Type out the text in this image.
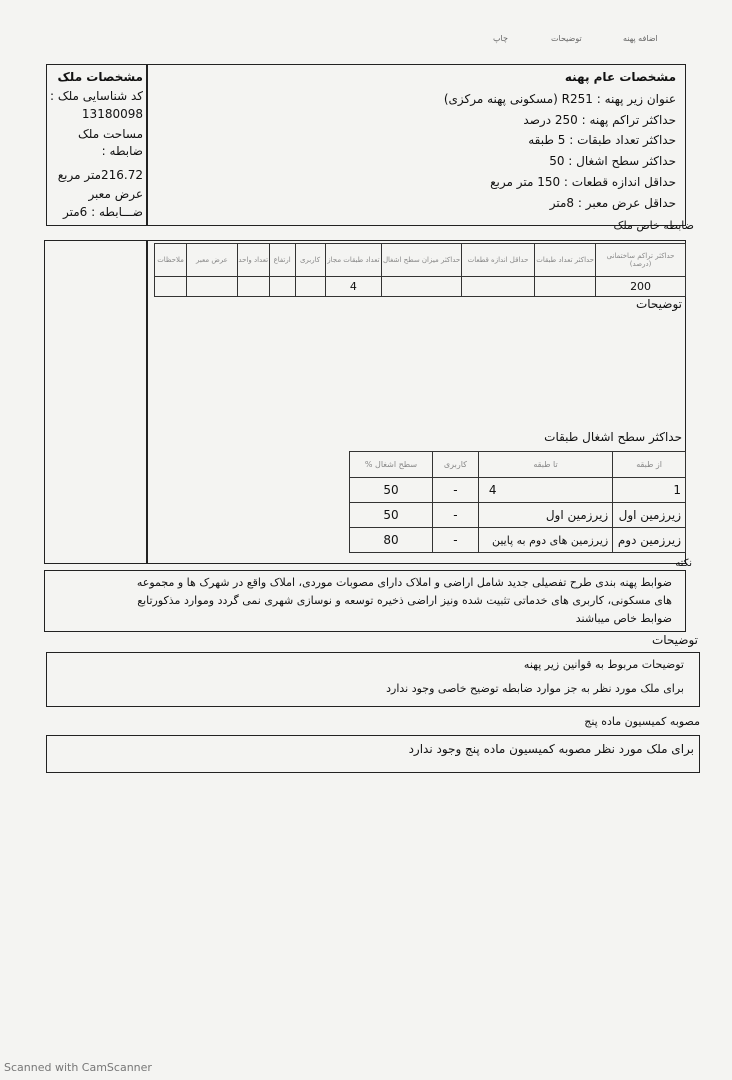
اضافه پهنه
توضیحات
چاپ
مشخصات ملک
کد شناسایی ملک :
13180098
مساحت ملک ضابطه :
216.72متر مربع
عرض معبر
ضـــابطه : 6متر
مشخصات عام پهنه
عنوان زیر پهنه : R251 (مسکونی پهنه مرکزی)
حداکثر تراکم پهنه : 250 درصد
حداکثر تعداد طبقات : 5 طبقه
حداکثر سطح اشغال : 50
حداقل اندازه قطعات : 150 متر مربع
حداقل عرض معبر : 8متر
ضابطه خاص ملک
حداکثر تراکم ساختمانی (درصد)	حداکثر تعداد طبقات	حداقل اندازه قطعات	حداکثر میزان سطح اشغال	تعداد طبقات مجاز	کاربری	ارتفاع	تعداد واحد	عرض معبر	ملاحظات
200				4					
توضیحات
حداکثر سطح اشغال طبقات
از طبقه	تا طبقه	کاربری	سطح اشغال %
1	4	-	50
زیرزمین اول	زیرزمین اول	-	50
زیرزمین دوم	زیرزمین های دوم به پایین	-	80
نکته
ضوابط پهنه بندی طرح تفصیلی جدید شامل اراضی و املاک دارای مصوبات موردی، املاک واقع در شهرک ها و مجموعه
های مسکونی، کاربری های خدماتی تثبیت شده ونیز اراضی ذخیره توسعه و نوسازی شهری نمی گردد وموارد مذکورتابع
ضوابط خاص میباشند
توضیحات
توضیحات مربوط به قوانین زیر پهنه
برای ملک مورد نظر به جز موارد ضابطه توضیح خاصی وجود ندارد
مصوبه کمیسیون ماده پنج
برای ملک مورد نظر مصوبه کمیسیون ماده پنج وجود ندارد
Scanned with CamScanner
